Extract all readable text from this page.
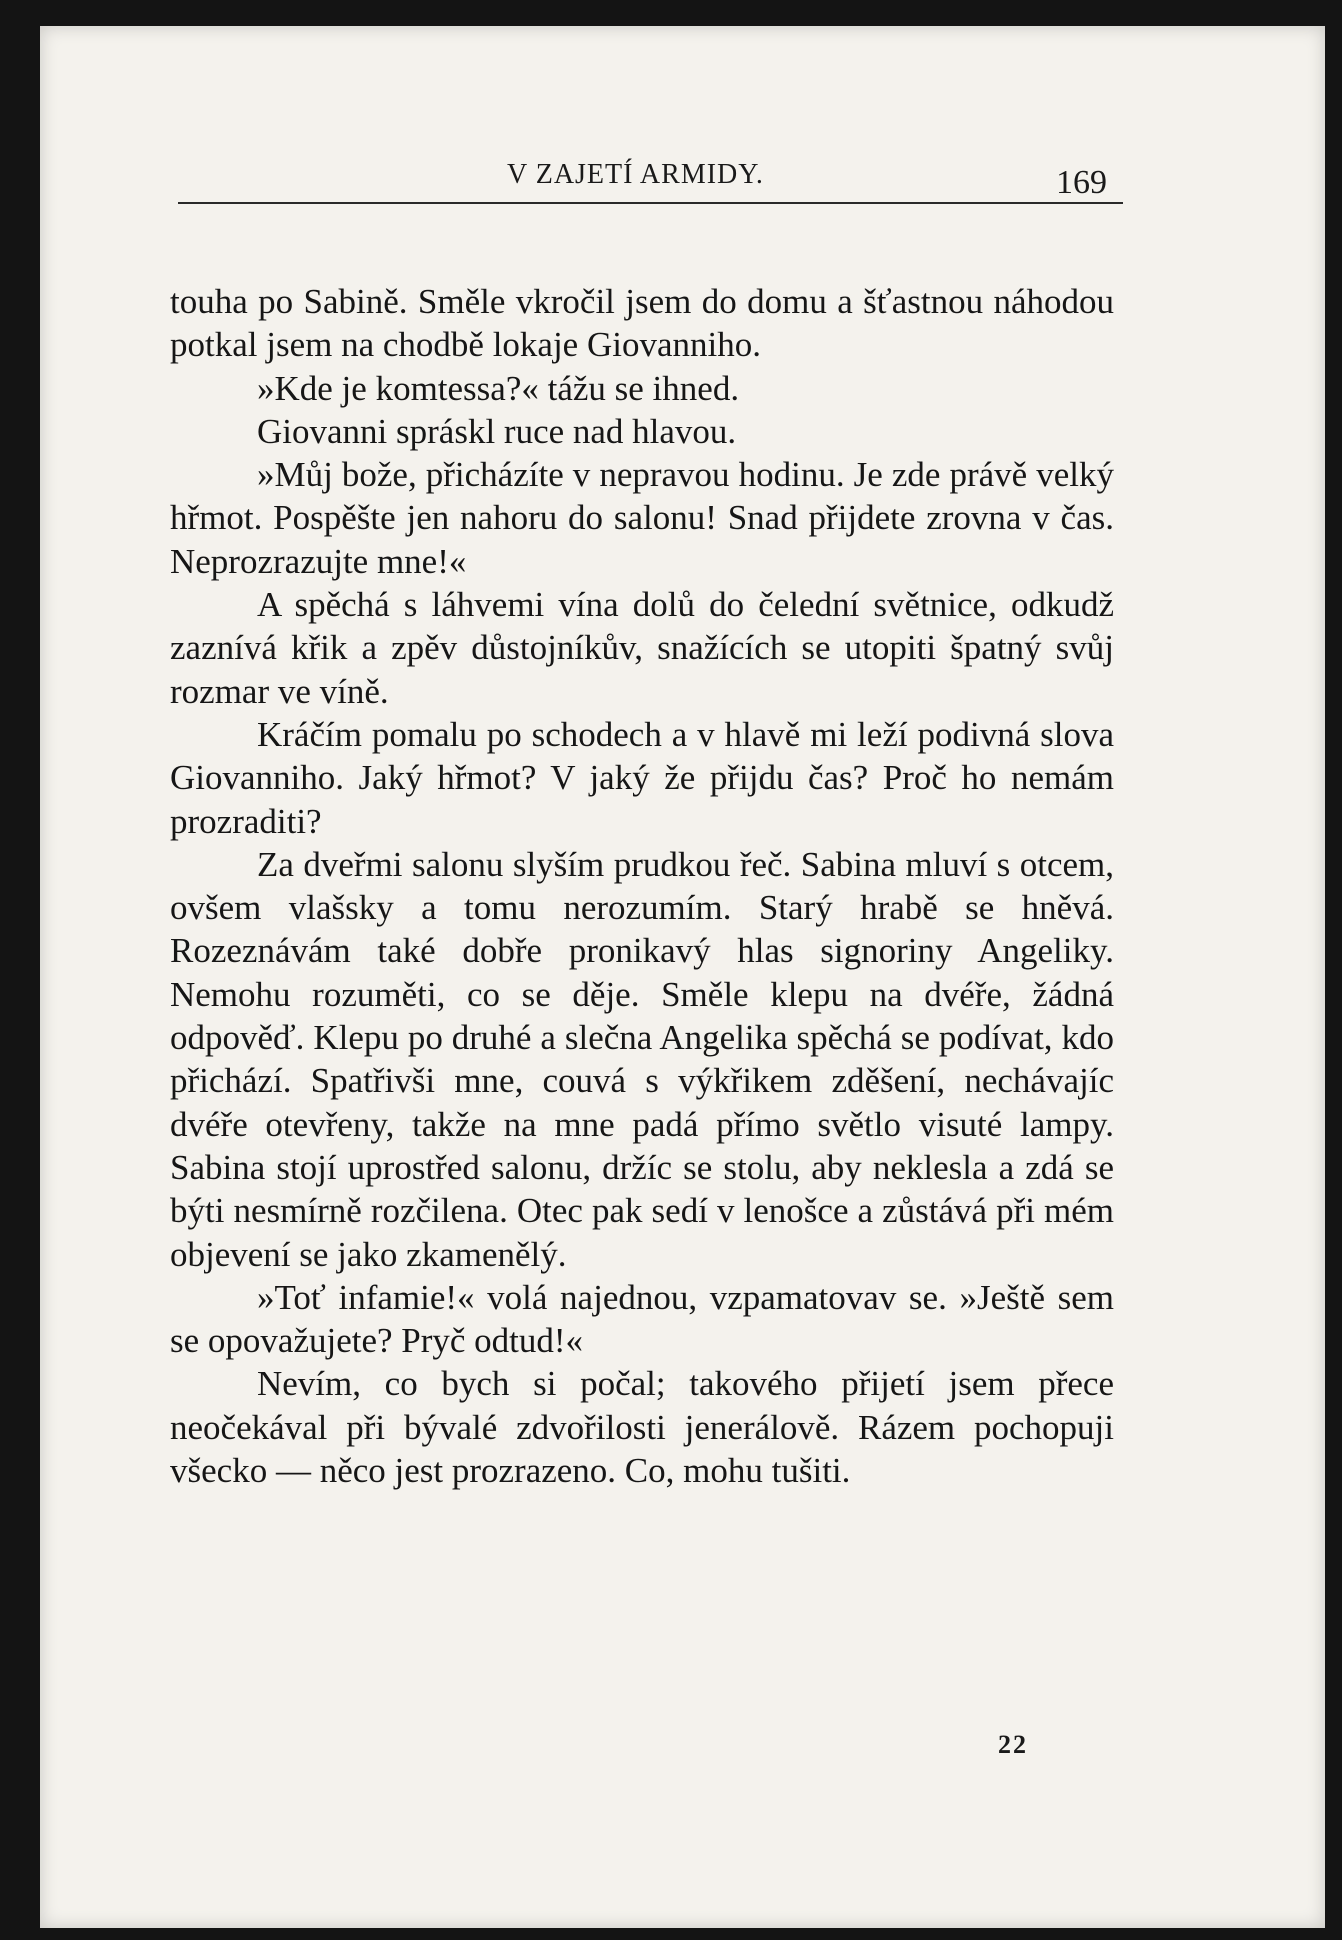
V ZAJETÍ ARMIDY.	169

touha po Sabině. Směle vkročil jsem do domu a šťastnou náhodou potkal jsem na chodbě lokaje Giovanniho.

»Kde je komtessa?« tážu se ihned.

Giovanni spráskl ruce nad hlavou.

»Můj bože, přicházíte v nepravou hodinu. Je zde právě velký hřmot. Pospěšte jen nahoru do salonu! Snad přijdete zrovna v čas. Neprozrazujte mne!«

A spěchá s láhvemi vína dolů do čelední světnice, odkudž zaznívá křik a zpěv důstojníkův, snažících se utopiti špatný svůj rozmar ve víně.

Kráčím pomalu po schodech a v hlavě mi leží podivná slova Giovanniho. Jaký hřmot? V jaký že přijdu čas? Proč ho nemám prozraditi?

Za dveřmi salonu slyším prudkou řeč. Sabina mluví s otcem, ovšem vlašsky a tomu nerozumím. Starý hrabě se hněvá. Rozeznávám také dobře pronikavý hlas signoriny Angeliky. Nemohu rozuměti, co se děje. Směle klepu na dvéře, žádná odpověď. Klepu po druhé a slečna Angelika spěchá se podívat, kdo přichází. Spatřivši mne, couvá s výkřikem zděšení, nechávajíc dvéře otevřeny, takže na mne padá přímo světlo visuté lampy. Sabina stojí uprostřed salonu, držíc se stolu, aby neklesla a zdá se býti nesmírně rozčilena. Otec pak sedí v lenošce a zůstává při mém objevení se jako zkamenělý.

»Toť infamie!« volá najednou, vzpamatovav se. »Ještě sem se opovažujete? Pryč odtud!«

Nevím, co bych si počal; takového přijetí jsem přece neočekával při bývalé zdvořilosti jenerálově. Rázem pochopuji všecko — něco jest prozrazeno. Co, mohu tušiti.

22
